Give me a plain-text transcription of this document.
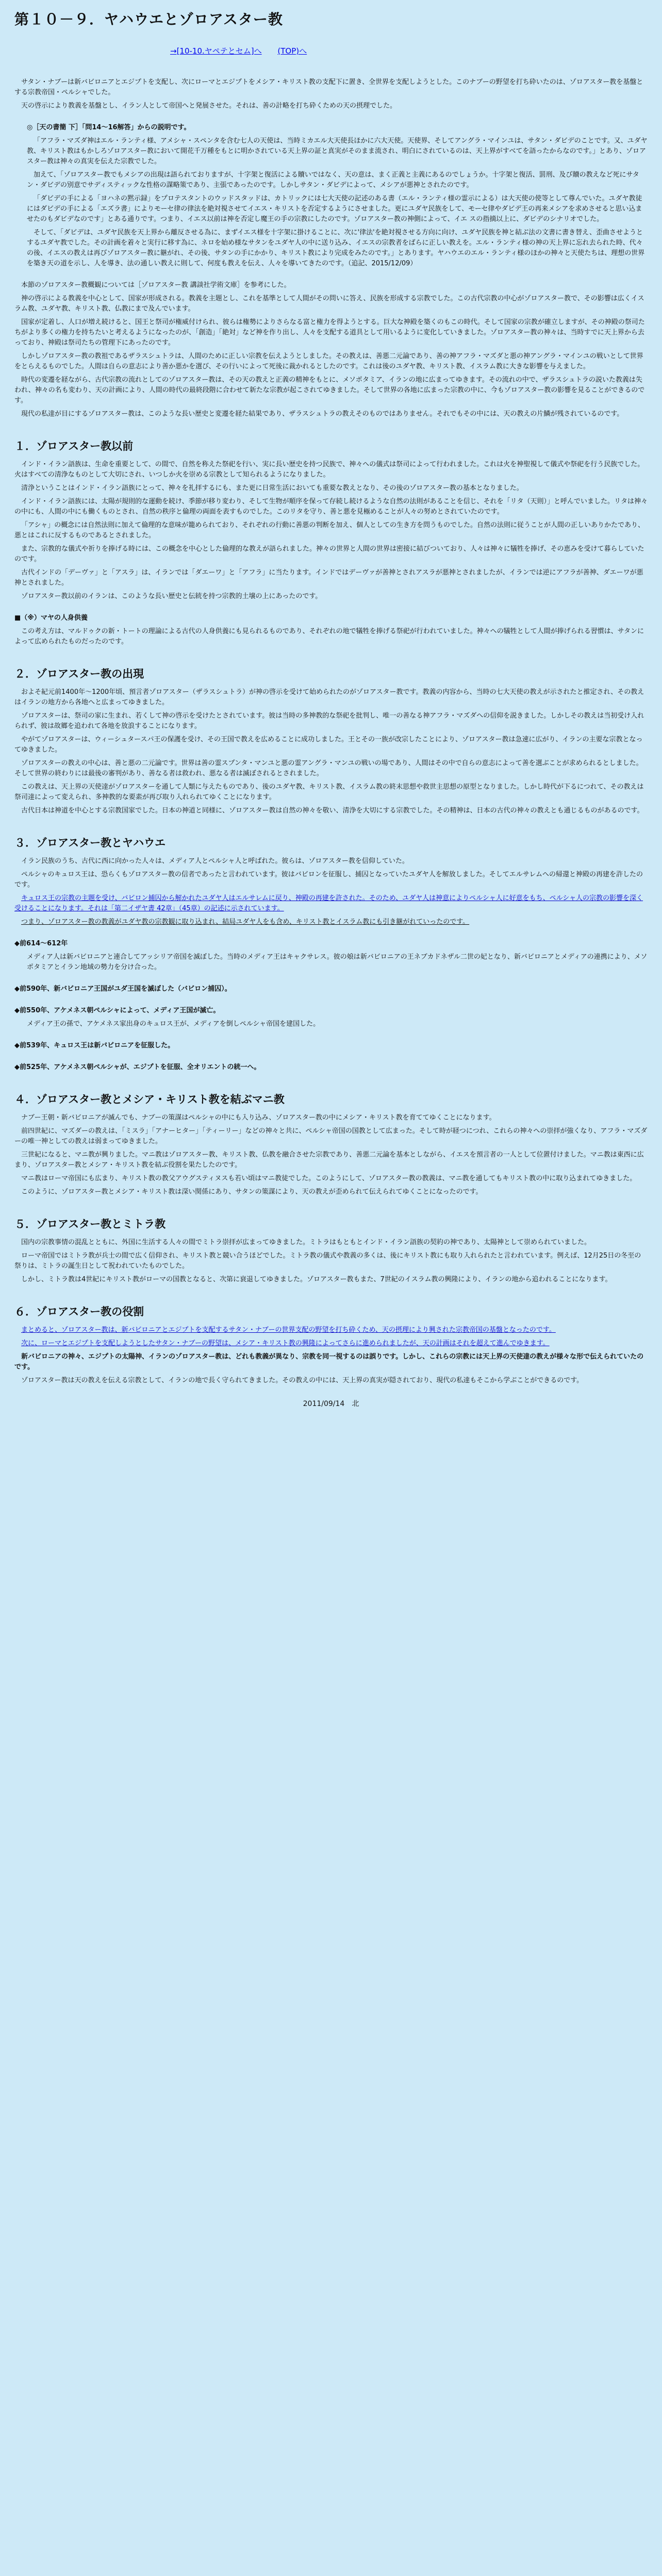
第１０－９．ヤハウエとゾロアスター教
→[10-10.ヤペテとセム]へ (TOP)へ

サタン・ナブーは新バビロニアとエジプトを支配し、次にローマとエジプトをメシア・キリスト教の支配下に置き、全世界を支配しようとした。このナブーの野望を打ち砕いたのは、ゾロアスター教を基盤とする宗教帝国・ペルシャでした。

天の啓示により教義を基盤とし、イラン人として帝国へと発展させた。それは、善の計略を打ち砕くための天の摂理でした。

◎［天の書簡 下］「問14～16解答」からの説明です。

「アフラ・マズダ神はエル・ランティ様、アメシャ・スペンタを含む七人の天使は、当時ミカエル大天使長ほかに六大天使。天使界、そしてアングラ・マインユは、サタン・ダビデのことです。又、ユダヤ教、キリスト教はもかしろゾロアスター教において開花千万種をもとに明かされている天上界の証と真実がそのまま流され、明白にされているのは、天上界がすべてを語ったからなのです。」とあり、ゾロアスター教は神々の真実を伝えた宗教でした。

加えて、「ゾロアスター教でもメシアの出現は語られておりますが、十字架と復活による贖いではなく、天の意は、まく正義と主義にあるのでしょうか。十字架と復活、罰刑、及び贖の教えなど死にサタン・ダビデの別意でサディスティックな性格の謀略策であり、主張であったのです。しかしサタン・ダビデによって、メシアが悪神とされたのです。

「ダビデの手による「ヨハネの黙示録」をプロテスタントのウッドスタッドは、カトリックには七大天使の記述のある書（エル・ランティ様の霊示による）は大天使の使等として尊んでいた。ユダヤ教徒にはダビデの手による「エズラ書」によりモーセ律の律法を絶対視させてイエス・キリストを否定するようにさせました。更にユダヤ民族をして、モーセ律やダビデ王の再来メシアを求めさせると思い込ませたのもダビデなのです」とある通りです。つまり、イエス以前は神を否定し魔王の手の宗教にしたのです。ゾロアスター教の神側によって、イエ スの指摘以上に、ダビデのシナリオでした。

そして、「ダビデは、ユダヤ民族を天上界から離反させる為に、まずイエス様を十字架に掛けることに、次に'律法'を絶対視させる方向に向け、ユダヤ民族を神と結ぶ法の文書に書き替え、歪曲させようとするユダヤ教でした。その計画を着々と実行に移す為に、ネロを始め様なサタンをユダヤ人の中に送り込み、イエスの宗教者をばらに正しい教えを。エル・ランティ様の神の天上界に忘れ去られた時、代々の後、イエスの教えは再びゾロアスター教に継がれ、その後、サタンの手にかかり、キリスト教により完成をみたのです。」とあります。ヤハウエのエル・ランティ様のほかの神々と天使たちは、理想の世界を築き天の道を示し、人を導き、法の通しい教えに則して、何度も教えを伝え、人々を導いてきたのです。（追記、2015/12/09）

本節のゾロアスター教概観については［ゾロアスター教 講談社学術文庫］を参考にした。

神の啓示による教義を中心として、国家が形成される。教義を主題とし、これを基準として人間がその問いに答え、民族を形成する宗教でした。この古代宗教の中心がゾロアスター教で、その影響は広くイスラム教、ユダヤ教、キリスト教、仏教にまで及んでいます。

国家が定着し、人口が増え続けると、国王と祭司が権威付けられ、彼らは権勢によりさらなる富と権力を得ようとする。巨大な神殿を築くのもこの時代。そして国家の宗教が確立しますが、その神殿の祭司たちがより多くの権力を持ちたいと考えるようになったのが、「創造」「絶対」など神を作り出し、人々を支配する道具として用いるように変化していきました。ゾロアスター教の神々は、当時すでに天上界から去っており、神殿は祭司たちの管理下にあったのです。

しかしゾロアスター教の教祖であるザラスシュトラは、人間のために正しい宗教を伝えようとしました。その教えは、善悪二元論であり、善の神アフラ・マズダと悪の神アングラ・マインユの戦いとして世界をとらえるものでした。人間は自らの意志により善か悪かを選び、その行いによって死後に裁かれるとしたのです。これは後のユダヤ教、キリスト教、イスラム教に大きな影響を与えました。

時代の変遷を経ながら、古代宗教の流れとしてのゾロアスター教は、その天の教えと正義の精神をもとに、メソポタミア、イランの地に広まってゆきます。その流れの中で、ザラスシュトラの説いた教義は失われ、神々の名も変わり、天の計画により、人間の時代の最終段階に合わせて新たな宗教が起こされてゆきました。そして世界の各地に広まった宗教の中に、今もゾロアスター教の影響を見ることができるのです。

現代の私達が目にするゾロアスター教は、このような長い歴史と変遷を経た結果であり、ザラスシュトラの教えそのものではありません。それでもその中には、天の教えの片鱗が残されているのです。

１．ゾロアスター教以前

インド・イラン語族は、生命を重要として、の間で、自然を称えた祭祀を行い、実に長い歴史を持つ民族で、神々への儀式は祭司によって行われました。これは火を神聖視して儀式や祭祀を行う民族でした。火はすべての清浄なものとして大切にされ、いつしか火を崇める宗教として知られるようになりました。

清浄ということはインド・イラン語族にとって、神々を礼拝するにも、また更に日常生活においても重要な教えとなり、その後のゾロアスター教の基本となりました。

インド・イラン語族には、太陽が規則的な運動を続け、季節が移り変わり、そして生物が順序を保って存続し続けるような自然の法則があることを信じ、それを「リタ（天則）」と呼んでいました。リタは神々の中にも、人間の中にも働くものとされ、自然の秩序と倫理の両面を表すものでした。このリタを守り、善と悪を見極めることが人々の努めとされていたのです。

「アシャ」の概念には自然法則に加えて倫理的な意味が籠められており、それぞれの行動に善悪の判断を加え、個人としての生き方を問うものでした。自然の法則に従うことが人間の正しいありかたであり、悪とはこれに反するものであるとされました。

また、宗教的な儀式や祈りを捧げる時には、この概念を中心とした倫理的な教えが語られました。神々の世界と人間の世界は密接に結びついており、人々は神々に犠牲を捧げ、その恵みを受けて暮らしていたのです。

古代インドの「デーヴァ」と「アスラ」は、イランでは「ダエーワ」と「アフラ」に当たります。インドではデーヴァが善神とされアスラが悪神とされましたが、イランでは逆にアフラが善神、ダエーワが悪神とされました。

ゾロアスター教以前のイランは、このような長い歴史と伝統を持つ宗教的土壌の上にあったのです。

■（※）マヤの人身供養

この考え方は、マルドゥクの新・トートの理論による古代の人身供養にも見られるものであり、それぞれの地で犠牲を捧げる祭祀が行われていました。神々への犠牲として人間が捧げられる習慣は、サタンによって広められたものだったのです。

２．ゾロアスター教の出現

およそ紀元前1400年～1200年頃、預言者ゾロアスター（ザラスシュトラ）が神の啓示を受けて始められたのがゾロアスター教です。教義の内容から、当時の七大天使の教えが示されたと推定され、その教えはイランの地方から各地へと広まってゆきました。

ゾロアスターは、祭司の家に生まれ、若くして神の啓示を受けたとされています。彼は当時の多神教的な祭祀を批判し、唯一の善なる神アフラ・マズダへの信仰を説きました。しかしその教えは当初受け入れられず、彼は故郷を追われて各地を放浪することになります。

やがてゾロアスターは、ウィーシュタースパ王の保護を受け、その王国で教えを広めることに成功しました。王とその一族が改宗したことにより、ゾロアスター教は急速に広がり、イランの主要な宗教となってゆきました。

ゾロアスターの教えの中心は、善と悪の二元論です。世界は善の霊スプンタ・マンユと悪の霊アングラ・マンユの戦いの場であり、人間はその中で自らの意志によって善を選ぶことが求められるとしました。そして世界の終わりには最後の審判があり、善なる者は救われ、悪なる者は滅ぼされるとされました。

この教えは、天上界の天使達がゾロアスターを通して人類に与えたものであり、後のユダヤ教、キリスト教、イスラム教の終末思想や救世主思想の原型となりました。しかし時代が下るにつれて、その教えは祭司達によって変えられ、多神教的な要素が再び取り入れられてゆくことになります。

古代日本は神道を中心とする宗教国家でした。日本の神道と同様に、ゾロアスター教は自然の神々を敬い、清浄を大切にする宗教でした。その精神は、日本の古代の神々の教えとも通じるものがあるのです。

３．ゾロアスター教とヤハウエ

イラン民族のうち、古代に西に向かった人々は、メディア人とペルシャ人と呼ばれた。彼らは、ゾロアスター教を信仰していた。

ペルシャのキュロス王は、恐らくもゾロアスター教の信者であったと言われています。彼はバビロンを征服し、捕囚となっていたユダヤ人を解放しました。そしてエルサレムへの帰還と神殿の再建を許したのです。

キュロス王の宗教の主題を受け、バビロン捕囚から解かれたユダヤ人はエルサレムに戻り、神殿の再建を許された。そのため、ユダヤ人は神意によりペルシャ人に好意をもち、ペルシャ人の宗教の影響を深く受けることになります。それは「第二イザヤ書 42章」（45章）の記述に示されています。

つまり、ゾロアスター教の教義がユダヤ教の宗教観に取り込まれ、結局ユダヤ人をも含め、キリスト教とイスラム教にも引き継がれていったのです。

◆前614～612年

メディア人は新バビロニアと連合してアッシリア帝国を滅ぼした。当時のメディア王はキャクサレス。彼の娘は新バビロニアの王ネブカドネザル二世の妃となり、新バビロニアとメディアの連携により、メソポタミアとイラン地域の勢力を分け合った。

◆前590年、新バビロニア王国がユダ王国を滅ぼした（バビロン捕囚）。

◆前550年、アケメネス朝ペルシャによって、メディア王国が滅亡。

メディア王の孫で、アケメネス家出身のキュロス王が、メディアを倒しペルシャ帝国を建国した。

◆前539年、キュロス王は新バビロニアを征服した。

◆前525年、アケメネス朝ペルシャが、エジプトを征服、全オリエントの統一へ。

４．ゾロアスター教とメシア・キリスト教を結ぶマニ教

ナブー王朝・新バビロニアが滅んでも、ナブーの策謀はペルシャの中にも入り込み、ゾロアスター教の中にメシア・キリスト教を育ててゆくことになります。

前四世紀に、マズダーの教えは、「ミスラ」「アナーヒター」「ティーリー」などの神々と共に、ペルシャ帝国の国教として広まった。そして時が経つにつれ、これらの神々への崇拝が強くなり、アフラ・マズダーの唯一神としての教えは弱まってゆきました。

三世紀になると、マニ教が興りました。マニ教はゾロアスター教、キリスト教、仏教を融合させた宗教であり、善悪二元論を基本としながら、イエスを預言者の一人として位置付けました。マニ教は東西に広まり、ゾロアスター教とメシア・キリスト教を結ぶ役割を果たしたのです。

マニ教はローマ帝国にも広まり、キリスト教の教父アウグスティヌスも若い頃はマニ教徒でした。このようにして、ゾロアスター教の教義は、マニ教を通してもキリスト教の中に取り込まれてゆきました。

このように、ゾロアスター教とメシア・キリスト教は深い関係にあり、サタンの策謀により、天の教えが歪められて伝えられてゆくことになったのです。

５．ゾロアスター教とミトラ教

国内の宗教事情の混乱とともに、外国に生活する人々の間でミトラ崇拝が広まってゆきました。ミトラはもともとインド・イラン語族の契約の神であり、太陽神として崇められていました。

ローマ帝国ではミトラ教が兵士の間で広く信仰され、キリスト教と競い合うほどでした。ミトラ教の儀式や教義の多くは、後にキリスト教にも取り入れられたと言われています。例えば、12月25日の冬至の祭りは、ミトラの誕生日として祝われていたものでした。

しかし、ミトラ教は4世紀にキリスト教がローマの国教となると、次第に衰退してゆきました。ゾロアスター教もまた、7世紀のイスラム教の興隆により、イランの地から追われることになります。

６．ゾロアスター教の役割

まとめると、ゾロアスター教は、新バビロニアとエジプトを支配するサタン・ナブーの世界支配の野望を打ち砕くため、天の摂理により興された宗教帝国の基盤となったのです。

次に、ローマとエジプトを支配しようとしたサタン・ナブーの野望は、メシア・キリスト教の興隆によってさらに進められましたが、天の計画はそれを超えて進んでゆきます。

新バビロニアの神々、エジプトの太陽神、イランのゾロアスター教は、どれも教義が異なり、宗教を同一視するのは誤りです。しかし、これらの宗教には天上界の天使達の教えが様々な形で伝えられていたのです。

ゾロアスター教は天の教えを伝える宗教として、イランの地で長く守られてきました。その教えの中には、天上界の真実が隠されており、現代の私達もそこから学ぶことができるのです。

2011/09/14　北
